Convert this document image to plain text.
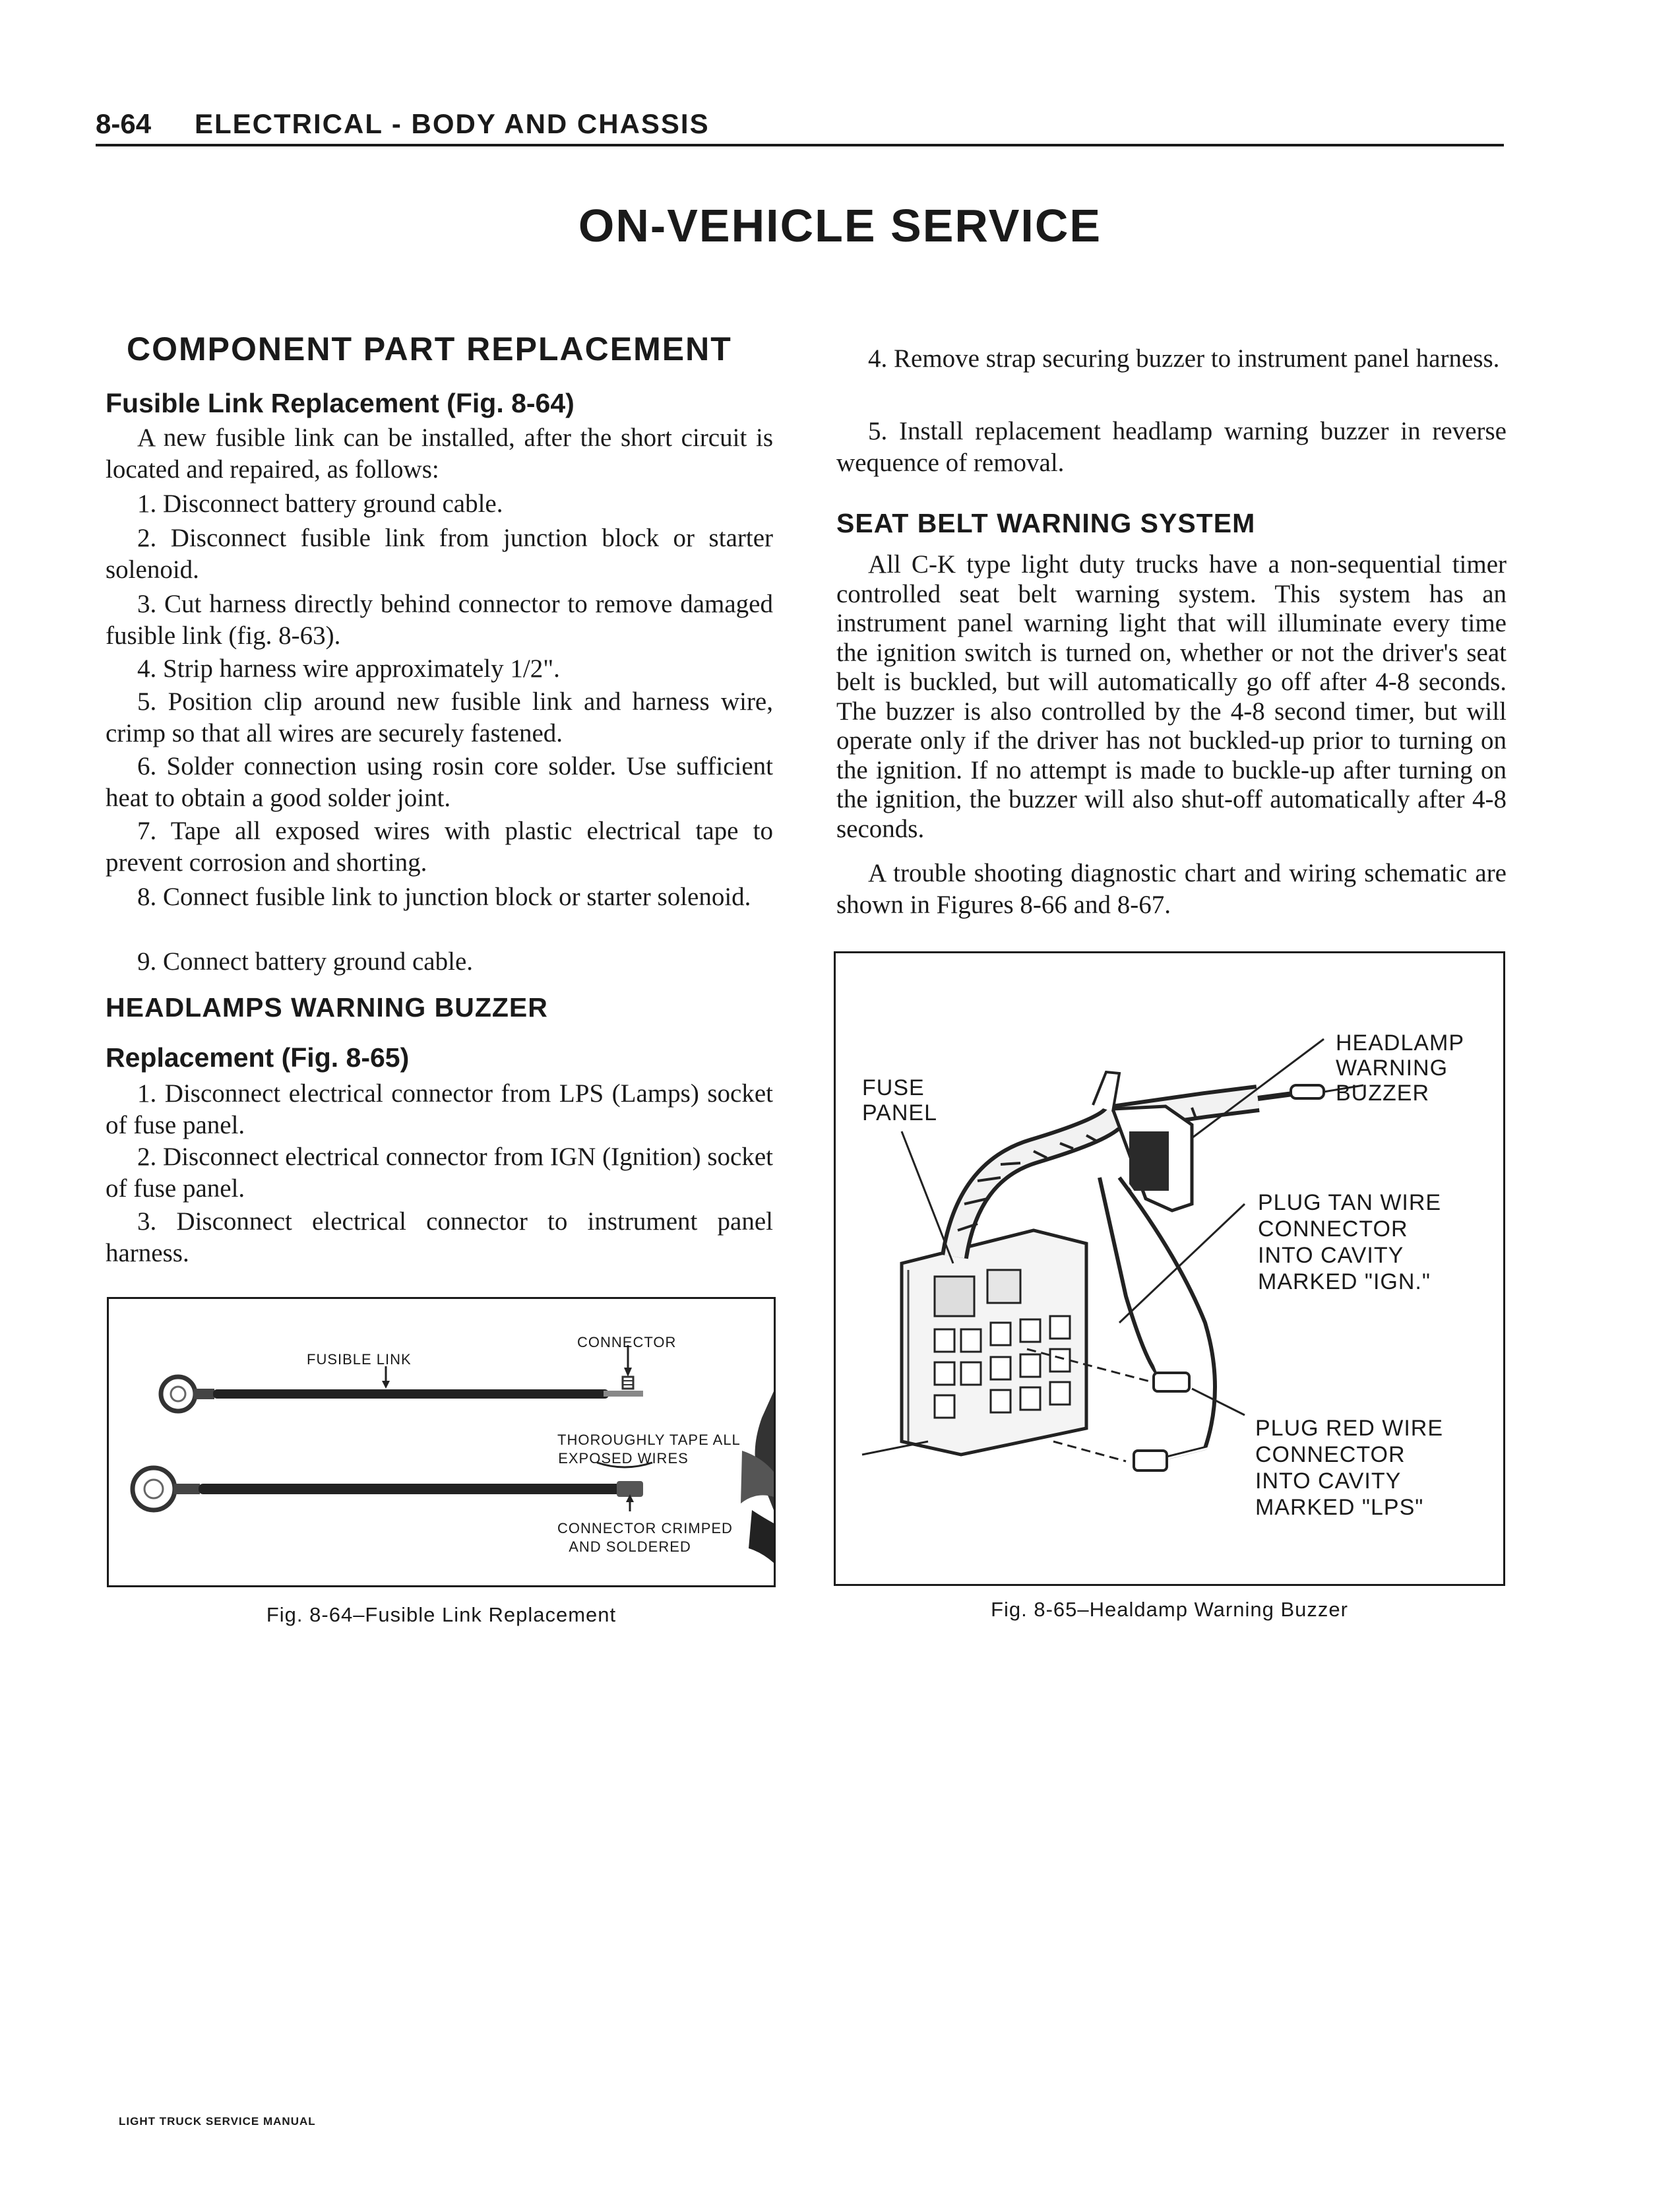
8-64 ELECTRICAL - BODY AND CHASSIS
ON-VEHICLE SERVICE
COMPONENT PART REPLACEMENT
Fusible Link Replacement (Fig. 8-64)
A new fusible link can be installed, after the short circuit is located and repaired, as follows:
1. Disconnect battery ground cable.
2. Disconnect fusible link from junction block or starter solenoid.
3. Cut harness directly behind connector to remove damaged fusible link (fig. 8-63).
4. Strip harness wire approximately 1/2".
5. Position clip around new fusible link and harness wire, crimp so that all wires are securely fastened.
6. Solder connection using rosin core solder. Use sufficient heat to obtain a good solder joint.
7. Tape all exposed wires with plastic electrical tape to prevent corrosion and shorting.
8. Connect fusible link to junction block or starter solenoid.
9. Connect battery ground cable.
HEADLAMPS WARNING BUZZER
Replacement (Fig. 8-65)
1. Disconnect electrical connector from LPS (Lamps) socket of fuse panel.
2. Disconnect electrical connector from IGN (Ignition) socket of fuse panel.
3. Disconnect electrical connector to instrument panel harness.
4. Remove strap securing buzzer to instrument panel harness.
5. Install replacement headlamp warning buzzer in reverse wequence of removal.
SEAT BELT WARNING SYSTEM
All C-K type light duty trucks have a non-sequential timer controlled seat belt warning system. This system has an instrument panel warning light that will illuminate every time the ignition switch is turned on, whether or not the driver's seat belt is buckled, but will automatically go off after 4-8 seconds. The buzzer is also controlled by the 4-8 second timer, but will operate only if the driver has not buckled-up prior to turning on the ignition. If no attempt is made to buckle-up after turning on the ignition, the buzzer will also shut-off automatically after 4-8 seconds.
A trouble shooting diagnostic chart and wiring schematic are shown in Figures 8-66 and 8-67.
FUSIBLE LINK
CONNECTOR
THOROUGHLY TAPE ALL
EXPOSED WIRES
CONNECTOR CRIMPED
AND SOLDERED
Fig. 8-64–Fusible Link Replacement
FUSE
PANEL
HEADLAMP
WARNING
BUZZER
PLUG TAN WIRE
CONNECTOR
INTO CAVITY
MARKED "IGN."
PLUG RED WIRE
CONNECTOR
INTO CAVITY
MARKED "LPS"
Fig. 8-65–Healdamp Warning Buzzer
LIGHT TRUCK SERVICE MANUAL
